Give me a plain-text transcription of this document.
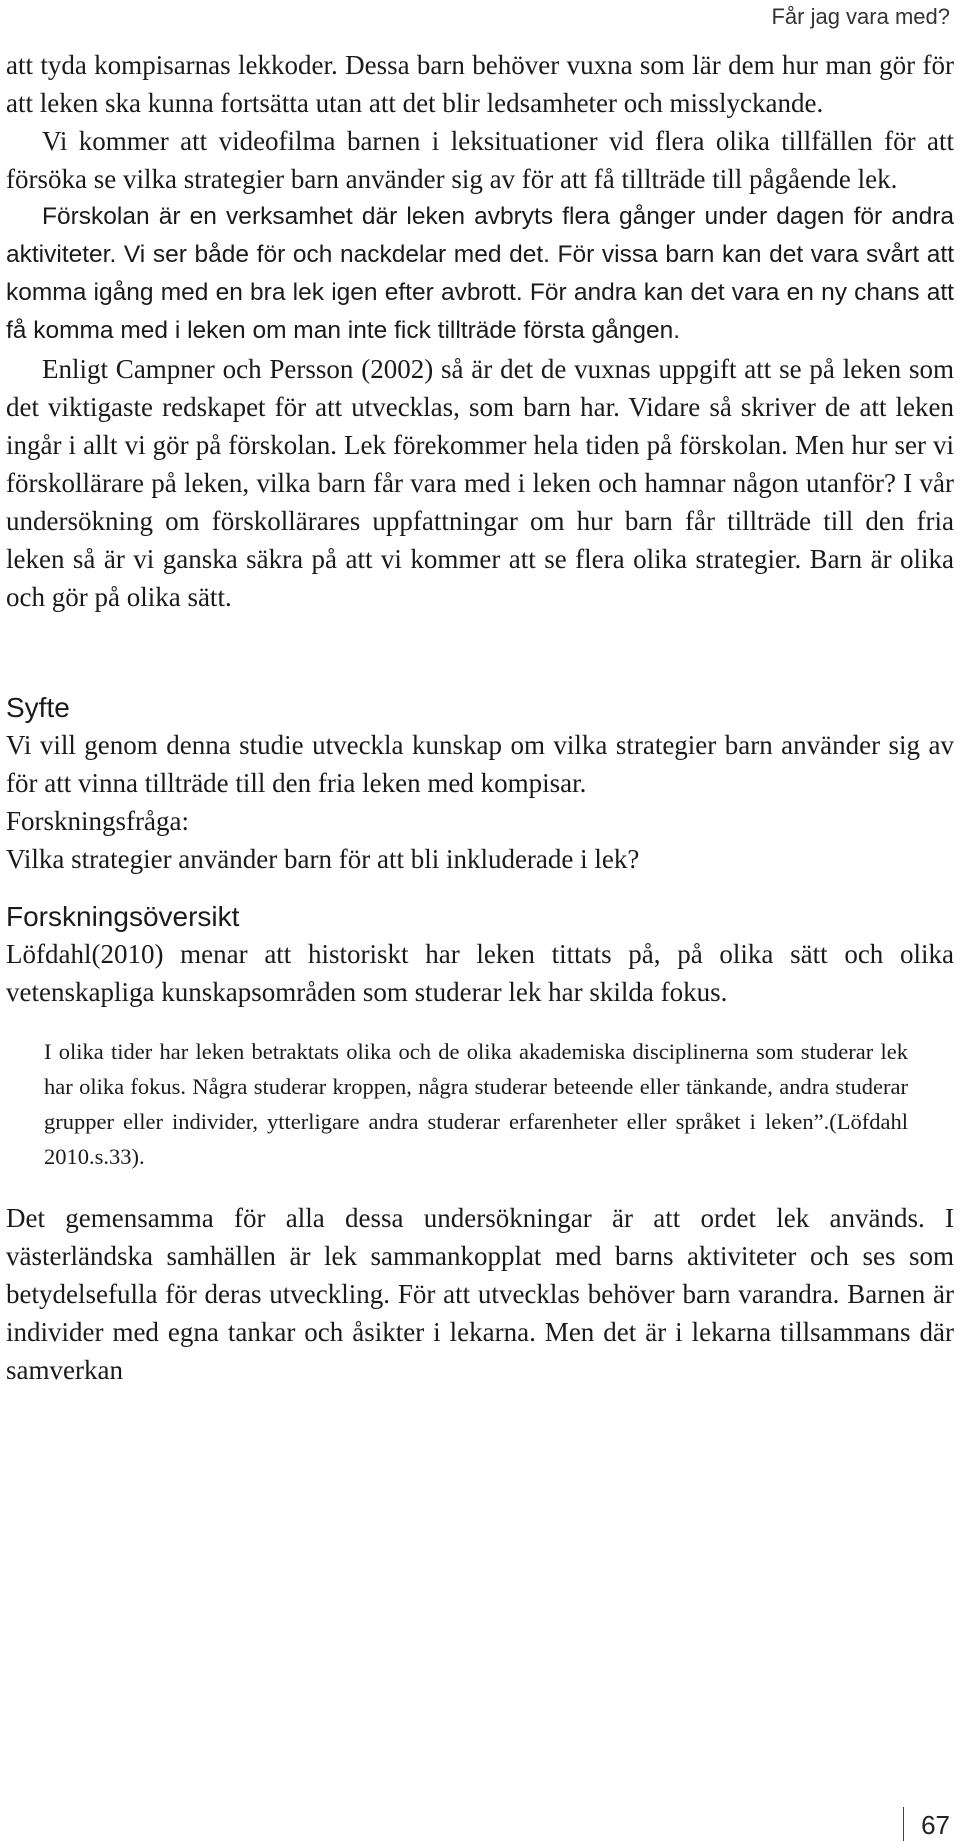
Får jag vara med?

att tyda kompisarnas lekkoder. Dessa barn behöver vuxna som lär dem hur man gör för att leken ska kunna fortsätta utan att det blir ledsamheter och misslyckande.

Vi kommer att videofilma barnen i leksituationer vid flera olika tillfällen för att försöka se vilka strategier barn använder sig av för att få tillträde till pågående lek.

Förskolan är en verksamhet där leken avbryts flera gånger under dagen för andra aktiviteter. Vi ser både för och nackdelar med det. För vissa barn kan det vara svårt att komma igång med en bra lek igen efter avbrott. För andra kan det vara en ny chans att få komma med i leken om man inte fick tillträde första gången.

Enligt Campner och Persson (2002) så är det de vuxnas uppgift att se på leken som det viktigaste redskapet för att utvecklas, som barn har. Vidare så skriver de att leken ingår i allt vi gör på förskolan. Lek förekommer hela tiden på förskolan. Men hur ser vi förskollärare på leken, vilka barn får vara med i leken och hamnar någon utanför? I vår undersökning om förskollärares uppfattningar om hur barn får tillträde till den fria leken så är vi ganska säkra på att vi kommer att se flera olika strategier. Barn är olika och gör på olika sätt.

Syfte

Vi vill genom denna studie utveckla kunskap om vilka strategier barn använder sig av för att vinna tillträde till den fria leken med kompisar.

Forskningsfråga:

Vilka strategier använder barn för att bli inkluderade i lek?

Forskningsöversikt

Löfdahl(2010) menar att historiskt har leken tittats på, på olika sätt och olika vetenskapliga kunskapsområden som studerar lek har skilda fokus.

I olika tider har leken betraktats olika och de olika akademiska disciplinerna som studerar lek har olika fokus. Några studerar kroppen, några studerar beteende eller tänkande, andra studerar grupper eller individer, ytterligare andra studerar erfarenheter eller språket i leken”.(Löfdahl 2010.s.33).

Det gemensamma för alla dessa undersökningar är att ordet lek används. I västerländska samhällen är lek sammankopplat med barns aktiviteter och ses som betydelsefulla för deras utveckling. För att utvecklas behöver barn varandra. Barnen är individer med egna tankar och åsikter i lekarna. Men det är i lekarna tillsammans där samverkan

67
